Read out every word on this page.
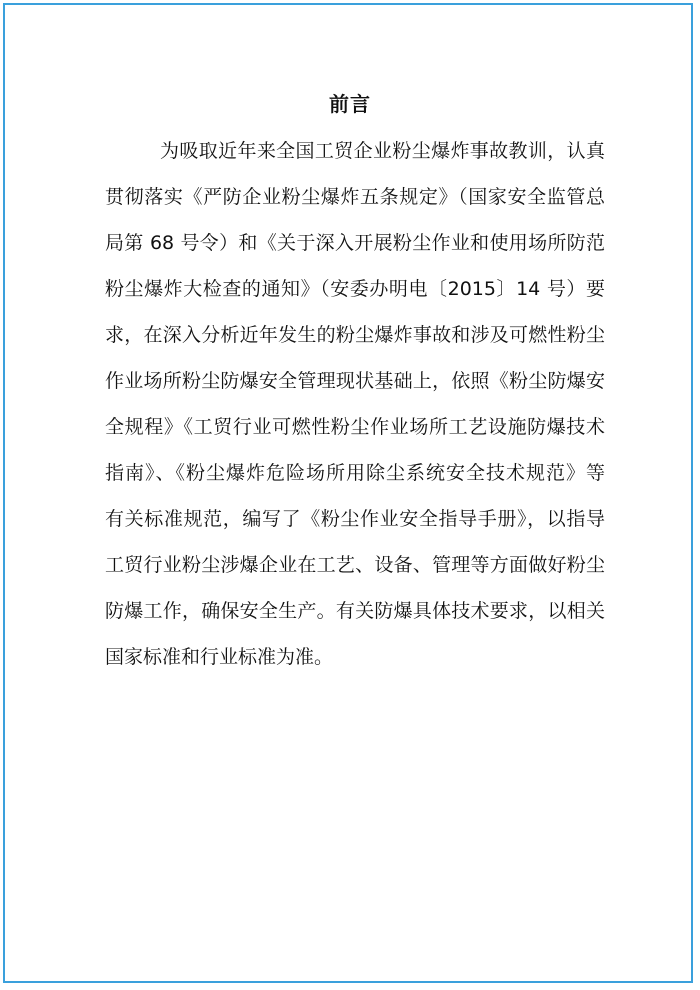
前言
为吸取近年来全国工贸企业粉尘爆炸事故教训，认真
贯彻落实《严防企业粉尘爆炸五条规定》（国家安全监管总
局第 68 号令）和《关于深入开展粉尘作业和使用场所防范
粉尘爆炸大检查的通知》（安委办明电〔2015〕14 号）要
求，在深入分析近年发生的粉尘爆炸事故和涉及可燃性粉尘
作业场所粉尘防爆安全管理现状基础上，依照《粉尘防爆安
全规程》《工贸行业可燃性粉尘作业场所工艺设施防爆技术
指南》、《粉尘爆炸危险场所用除尘系统安全技术规范》等
有关标准规范，编写了《粉尘作业安全指导手册》，以指导
工贸行业粉尘涉爆企业在工艺、设备、管理等方面做好粉尘
防爆工作，确保安全生产。有关防爆具体技术要求，以相关
国家标准和行业标准为准。
